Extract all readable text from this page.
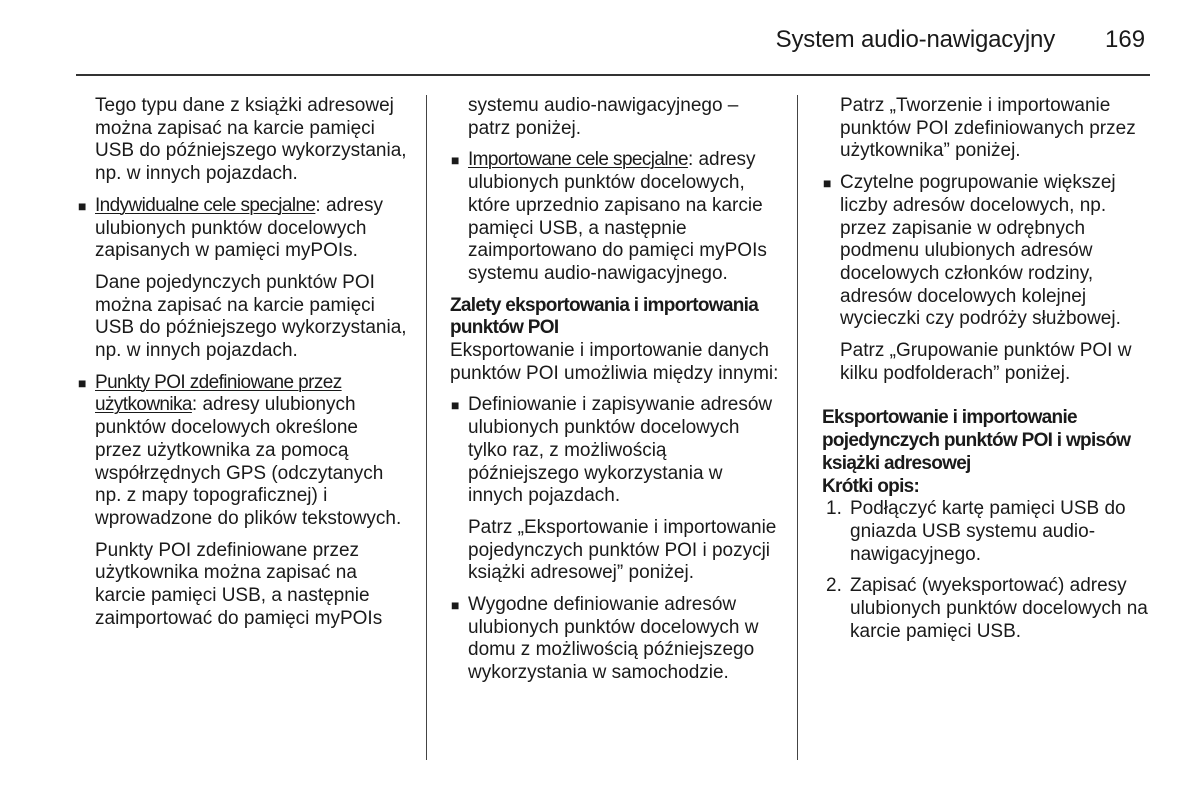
System audio-nawigacyjny 169

Tego typu dane z książki adresowej można zapisać na karcie pamięci USB do późniejszego wykorzystania, np. w innych pojazdach.

■ Indywidualne cele specjalne: adresy ulubionych punktów docelowych zapisanych w pamięci myPOIs.

Dane pojedynczych punktów POI można zapisać na karcie pamięci USB do późniejszego wykorzystania, np. w innych pojazdach.

■ Punkty POI zdefiniowane przez użytkownika: adresy ulubionych punktów docelowych określone przez użytkownika za pomocą współrzędnych GPS (odczytanych np. z mapy topograficznej) i wprowadzone do plików tekstowych.

Punkty POI zdefiniowane przez użytkownika można zapisać na karcie pamięci USB, a następnie zaimportować do pamięci myPOIs

systemu audio-nawigacyjnego – patrz poniżej.

■ Importowane cele specjalne: adresy ulubionych punktów docelowych, które uprzednio zapisano na karcie pamięci USB, a następnie zaimportowano do pamięci myPOIs systemu audio-nawigacyjnego.

Zalety eksportowania i importowania punktów POI

Eksportowanie i importowanie danych punktów POI umożliwia między innymi:

■ Definiowanie i zapisywanie adresów ulubionych punktów docelowych tylko raz, z możliwością późniejszego wykorzystania w innych pojazdach.

Patrz „Eksportowanie i importowanie pojedynczych punktów POI i pozycji książki adresowej” poniżej.

■ Wygodne definiowanie adresów ulubionych punktów docelowych w domu z możliwością późniejszego wykorzystania w samochodzie.

Patrz „Tworzenie i importowanie punktów POI zdefiniowanych przez użytkownika” poniżej.

■ Czytelne pogrupowanie większej liczby adresów docelowych, np. przez zapisanie w odrębnych podmenu ulubionych adresów docelowych członków rodziny, adresów docelowych kolejnej wycieczki czy podróży służbowej.

Patrz „Grupowanie punktów POI w kilku podfolderach” poniżej.

Eksportowanie i importowanie pojedynczych punktów POI i wpisów książki adresowej

Krótki opis:

1. Podłączyć kartę pamięci USB do gniazda USB systemu audio-nawigacyjnego.
2. Zapisać (wyeksportować) adresy ulubionych punktów docelowych na karcie pamięci USB.
